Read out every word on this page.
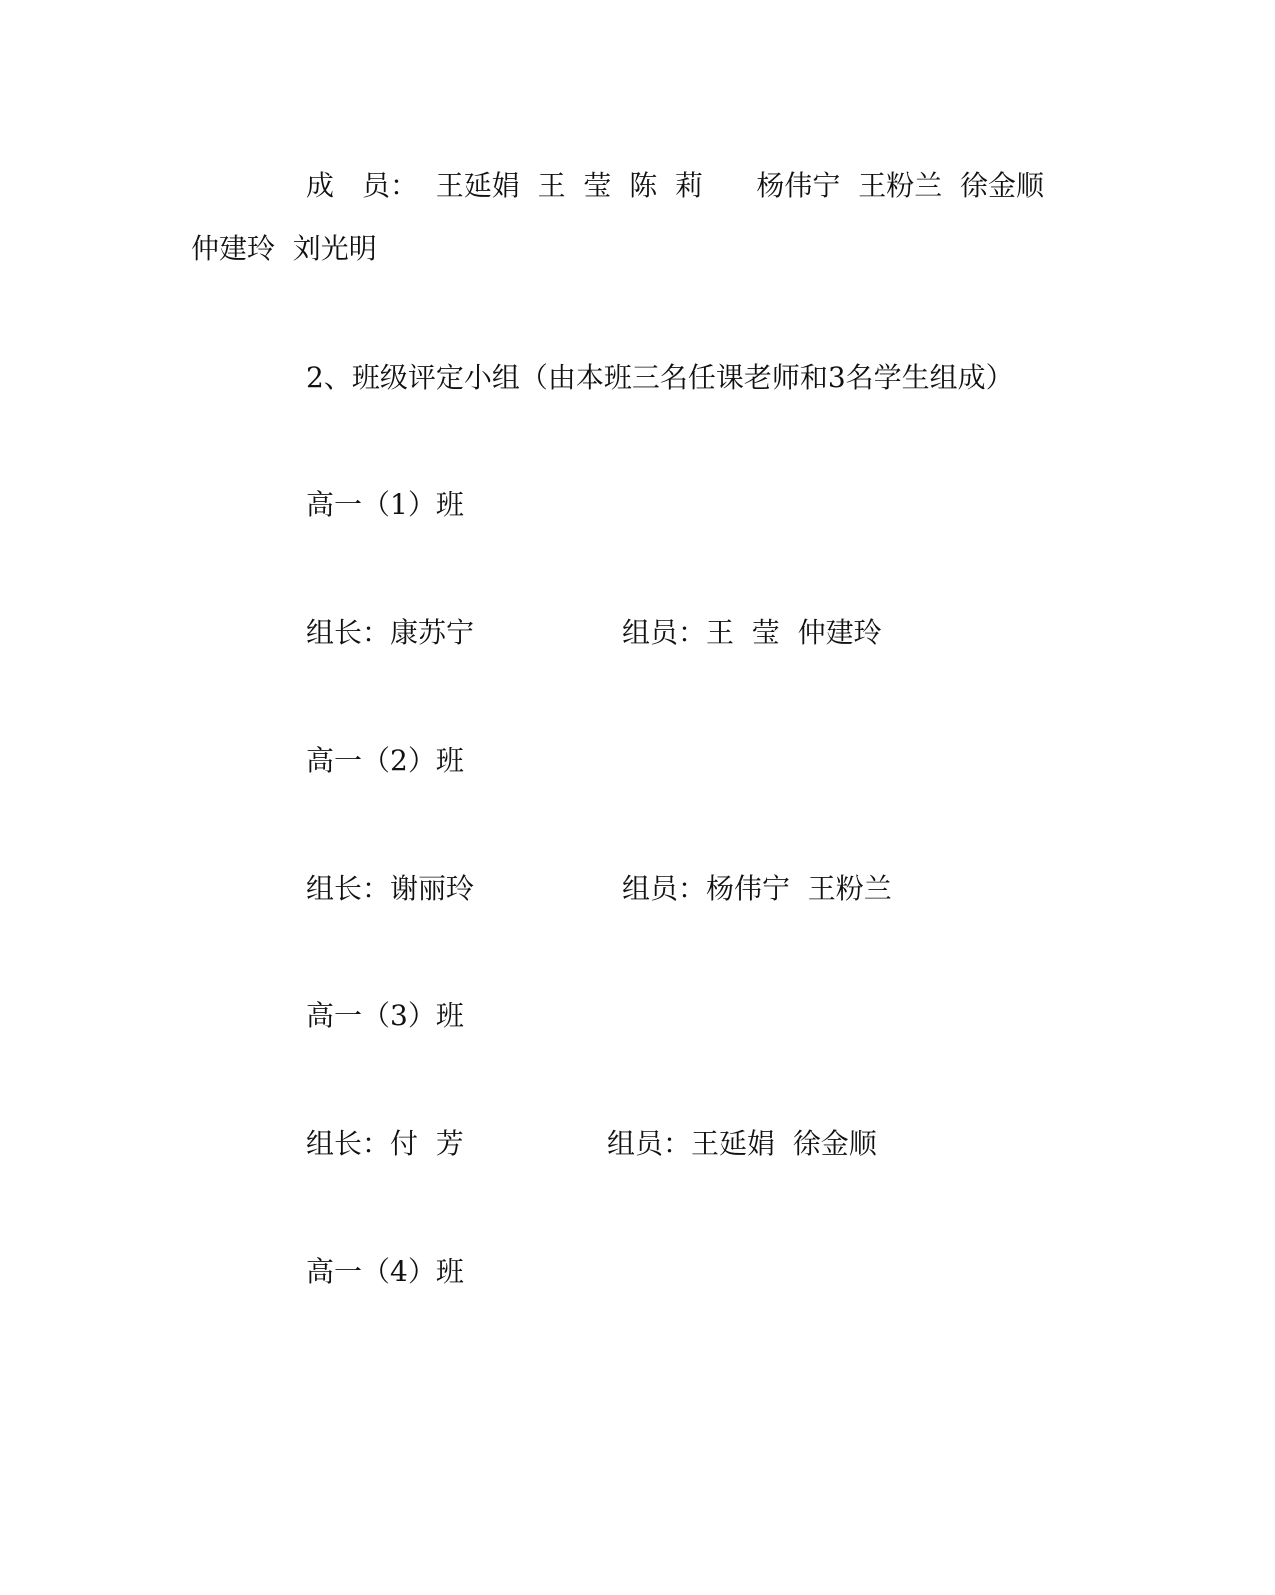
成　员：  王延娟  王  莹  陈  莉      杨伟宁  王粉兰  徐金顺
仲建玲  刘光明
2、班级评定小组（由本班三名任课老师和3名学生组成）
高一（1）班
组长：康苏宁	组员：王  莹  仲建玲
高一（2）班
组长：谢丽玲	组员：杨伟宁  王粉兰
高一（3）班
组长：付  芳	组员：王延娟  徐金顺
高一（4）班
